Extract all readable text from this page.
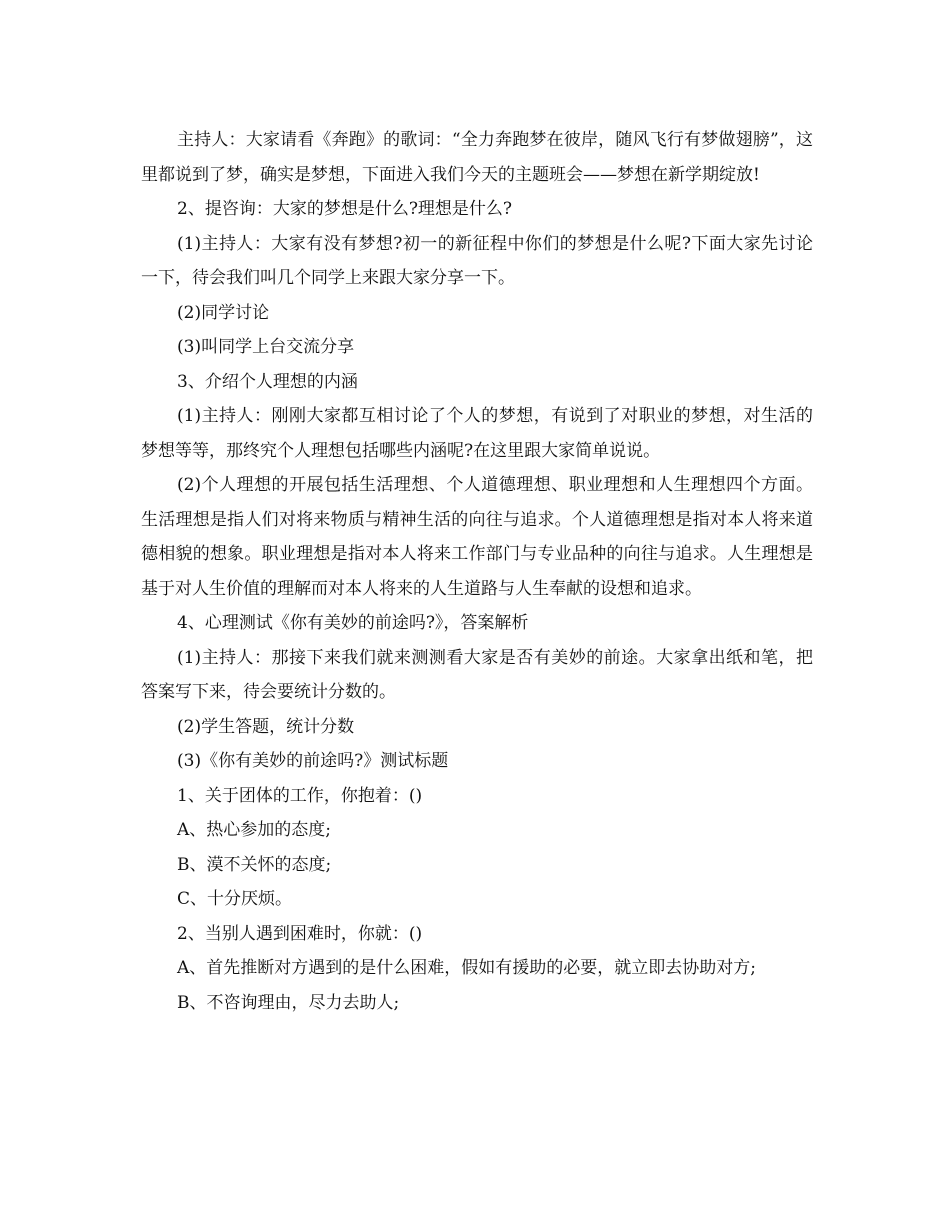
主持人：大家请看《奔跑》的歌词：“全力奔跑梦在彼岸，随风飞行有梦做翅膀”，这里都说到了梦，确实是梦想，下面进入我们今天的主题班会——梦想在新学期绽放!

2、提咨询：大家的梦想是什么?理想是什么?

(1)主持人：大家有没有梦想?初一的新征程中你们的梦想是什么呢?下面大家先讨论一下，待会我们叫几个同学上来跟大家分享一下。

(2)同学讨论

(3)叫同学上台交流分享

3、介绍个人理想的内涵

(1)主持人：刚刚大家都互相讨论了个人的梦想，有说到了对职业的梦想，对生活的梦想等等，那终究个人理想包括哪些内涵呢?在这里跟大家简单说说。

(2)个人理想的开展包括生活理想、个人道德理想、职业理想和人生理想四个方面。生活理想是指人们对将来物质与精神生活的向往与追求。个人道德理想是指对本人将来道德相貌的想象。职业理想是指对本人将来工作部门与专业品种的向往与追求。人生理想是基于对人生价值的理解而对本人将来的人生道路与人生奉献的设想和追求。

4、心理测试《你有美妙的前途吗?》，答案解析

(1)主持人：那接下来我们就来测测看大家是否有美妙的前途。大家拿出纸和笔，把答案写下来，待会要统计分数的。

(2)学生答题，统计分数

(3)《你有美妙的前途吗?》测试标题

1、关于团体的工作，你抱着：()

A、热心参加的态度;

B、漠不关怀的态度;

C、十分厌烦。

2、当别人遇到困难时，你就：()

A、首先推断对方遇到的是什么困难，假如有援助的必要，就立即去协助对方;

B、不咨询理由，尽力去助人;
